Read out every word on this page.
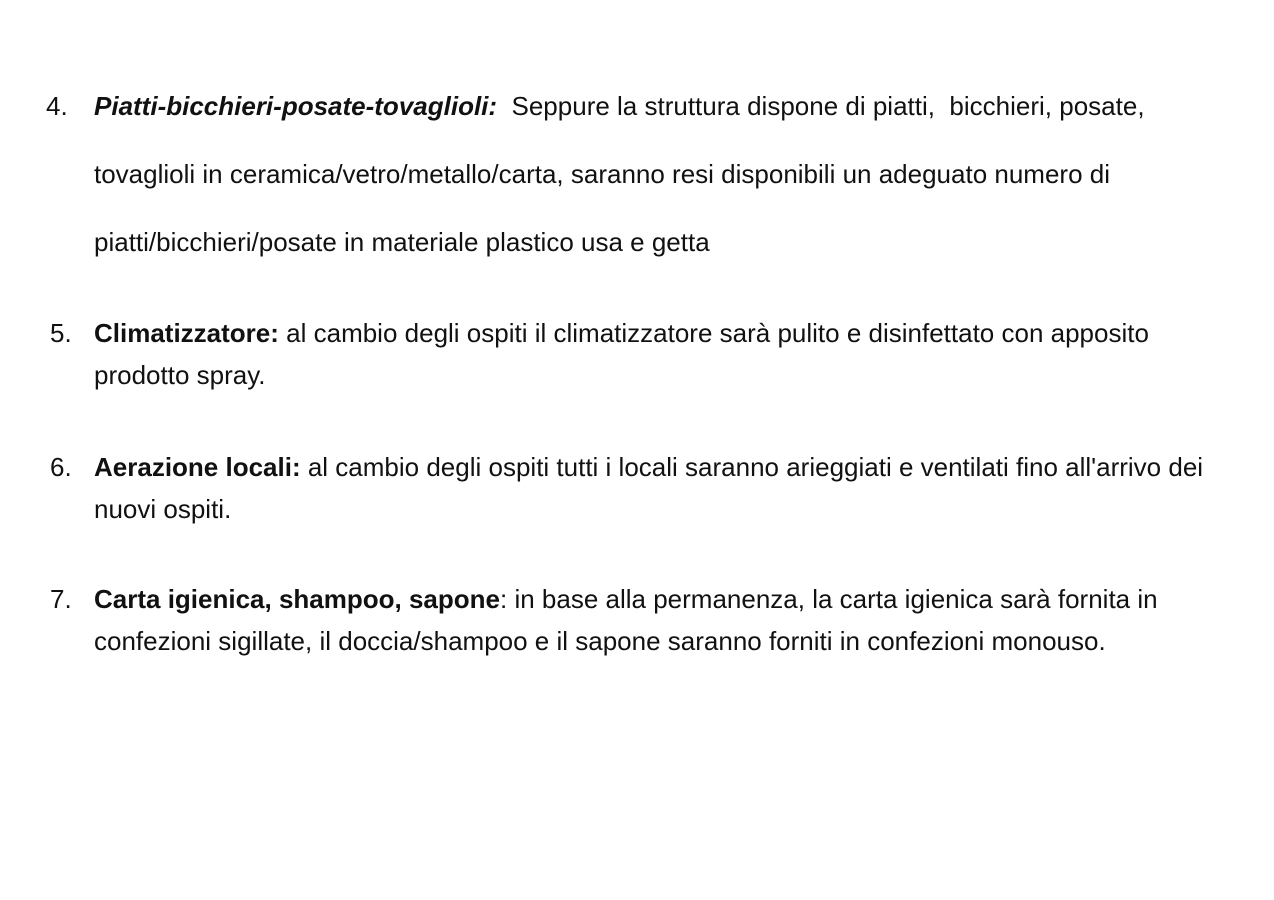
4.	Piatti-bicchieri-posate-tovaglioli:  Seppure la struttura dispone di piatti,  bicchieri, posate, tovaglioli in ceramica/vetro/metallo/carta, saranno resi disponibili un adeguato numero di piatti/bicchieri/posate in materiale plastico usa e getta
5. Climatizzatore: al cambio degli ospiti il climatizzatore sarà pulito e disinfettato con apposito prodotto spray.
6. Aerazione locali: al cambio degli ospiti tutti i locali saranno arieggiati e ventilati fino all'arrivo dei nuovi ospiti.
7. Carta igienica, shampoo, sapone: in base alla permanenza, la carta igienica sarà fornita in confezioni sigillate, il doccia/shampoo e il sapone saranno forniti in confezioni monouso.
